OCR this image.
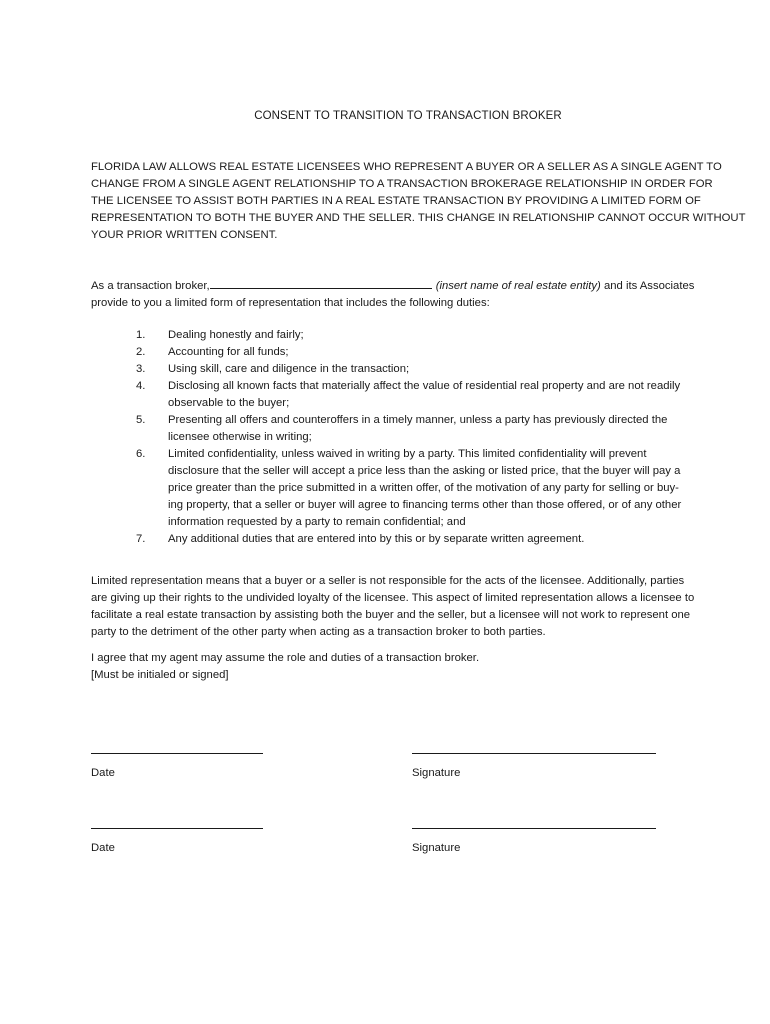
CONSENT TO TRANSITION TO TRANSACTION BROKER
FLORIDA LAW ALLOWS REAL ESTATE LICENSEES WHO REPRESENT A BUYER OR A SELLER AS A SINGLE AGENT TO
CHANGE FROM A SINGLE AGENT RELATIONSHIP TO A TRANSACTION BROKERAGE RELATIONSHIP IN ORDER FOR
THE LICENSEE TO ASSIST BOTH PARTIES IN A REAL ESTATE TRANSACTION BY PROVIDING A LIMITED FORM OF
REPRESENTATION TO BOTH THE BUYER AND THE SELLER. THIS CHANGE IN RELATIONSHIP CANNOT OCCUR WITHOUT
YOUR PRIOR WRITTEN CONSENT.
As a transaction broker,	(insert name of real estate entity) and its Associates
provide to you a limited form of representation that includes the following duties:
1. Dealing honestly and fairly;
2. Accounting for all funds;
3. Using skill, care and diligence in the transaction;
4. Disclosing all known facts that materially affect the value of residential real property and are not readily
observable to the buyer;
5. Presenting all offers and counteroffers in a timely manner, unless a party has previously directed the
licensee otherwise in writing;
6. Limited confidentiality, unless waived in writing by a party. This limited confidentiality will prevent
disclosure that the seller will accept a price less than the asking or listed price, that the buyer will pay a
price greater than the price submitted in a written offer, of the motivation of any party for selling or buy-
ing property, that a seller or buyer will agree to financing terms other than those offered, or of any other
information requested by a party to remain confidential; and
7. Any additional duties that are entered into by this or by separate written agreement.
Limited representation means that a buyer or a seller is not responsible for the acts of the licensee. Additionally, parties
are giving up their rights to the undivided loyalty of the licensee. This aspect of limited representation allows a licensee to
facilitate a real estate transaction by assisting both the buyer and the seller, but a licensee will not work to represent one
party to the detriment of the other party when acting as a transaction broker to both parties.
I agree that my agent may assume the role and duties of a transaction broker.
[Must be initialed or signed]
Date	Signature
Date	Signature
